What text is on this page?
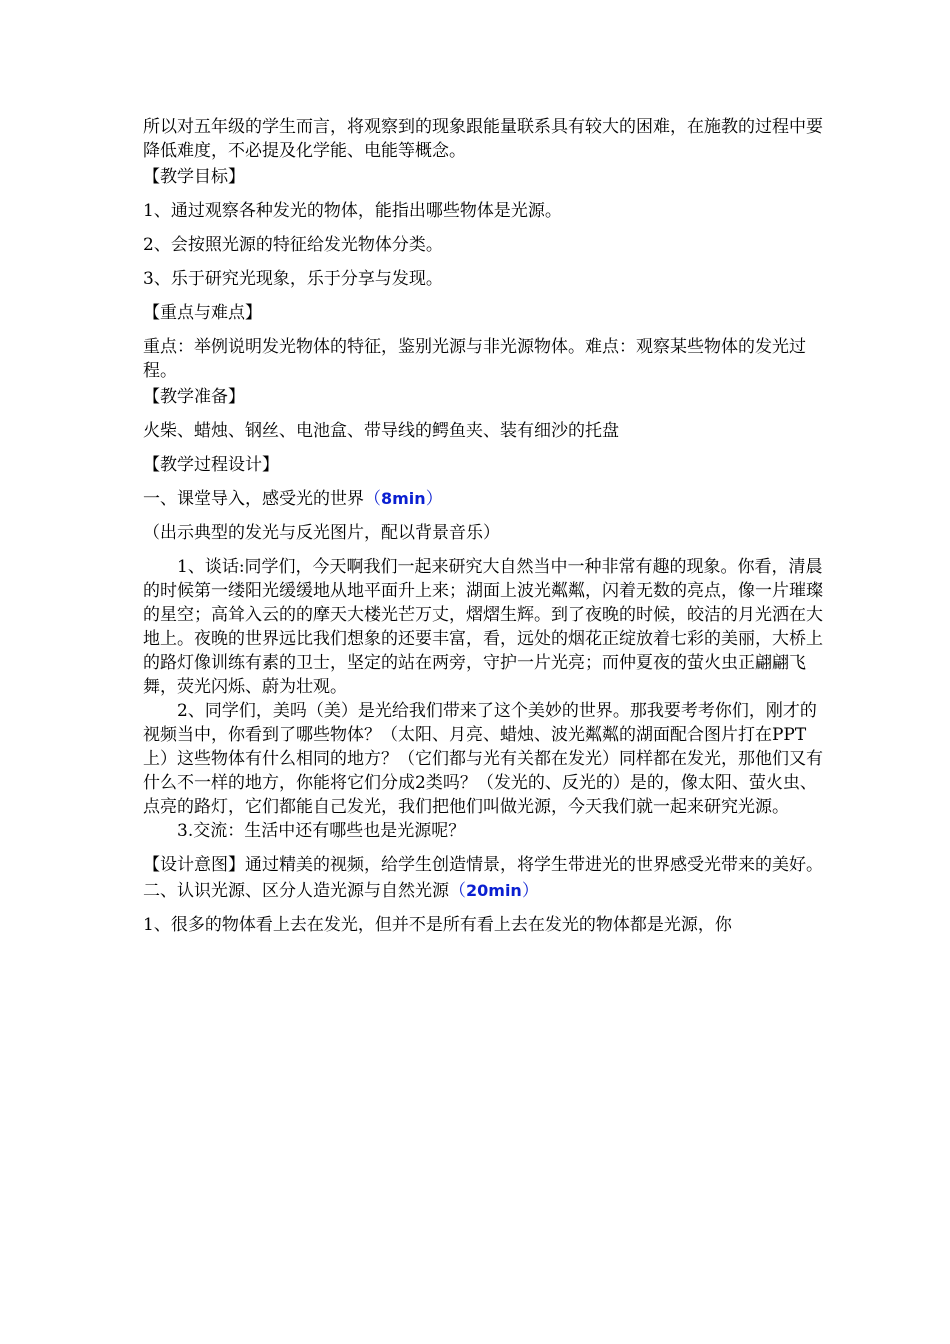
所以对五年级的学生而言，将观察到的现象跟能量联系具有较大的困难，在施教的过程中要降低难度，不必提及化学能、电能等概念。

【教学目标】

1、通过观察各种发光的物体，能指出哪些物体是光源。

2、会按照光源的特征给发光物体分类。

3、乐于研究光现象，乐于分享与发现。

【重点与难点】

重点：举例说明发光物体的特征，鉴别光源与非光源物体。难点：观察某些物体的发光过程。

【教学准备】

火柴、蜡烛、钢丝、电池盒、带导线的鳄鱼夹、装有细沙的托盘

【教学过程设计】

一、课堂导入，感受光的世界（8min）

（出示典型的发光与反光图片，配以背景音乐）

1、谈话:同学们，今天啊我们一起来研究大自然当中一种非常有趣的现象。你看，清晨的时候第一缕阳光缓缓地从地平面升上来；湖面上波光粼粼，闪着无数的亮点，像一片璀璨的星空；高耸入云的的摩天大楼光芒万丈，熠熠生辉。到了夜晚的时候，皎洁的月光洒在大地上。夜晚的世界远比我们想象的还要丰富，看，远处的烟花正绽放着七彩的美丽，大桥上的路灯像训练有素的卫士，坚定的站在两旁，守护一片光亮；而仲夏夜的萤火虫正翩翩飞舞，荧光闪烁、蔚为壮观。

2、同学们，美吗（美）是光给我们带来了这个美妙的世界。那我要考考你们，刚才的视频当中，你看到了哪些物体？（太阳、月亮、蜡烛、波光粼粼的湖面配合图片打在PPT上）这些物体有什么相同的地方？（它们都与光有关都在发光）同样都在发光，那他们又有什么不一样的地方，你能将它们分成2类吗？（发光的、反光的）是的，像太阳、萤火虫、点亮的路灯，它们都能自己发光，我们把他们叫做光源，今天我们就一起来研究光源。

3.交流：生活中还有哪些也是光源呢？

【设计意图】通过精美的视频，给学生创造情景，将学生带进光的世界感受光带来的美好。

二、认识光源、区分人造光源与自然光源（20min）

1、很多的物体看上去在发光，但并不是所有看上去在发光的物体都是光源，你
